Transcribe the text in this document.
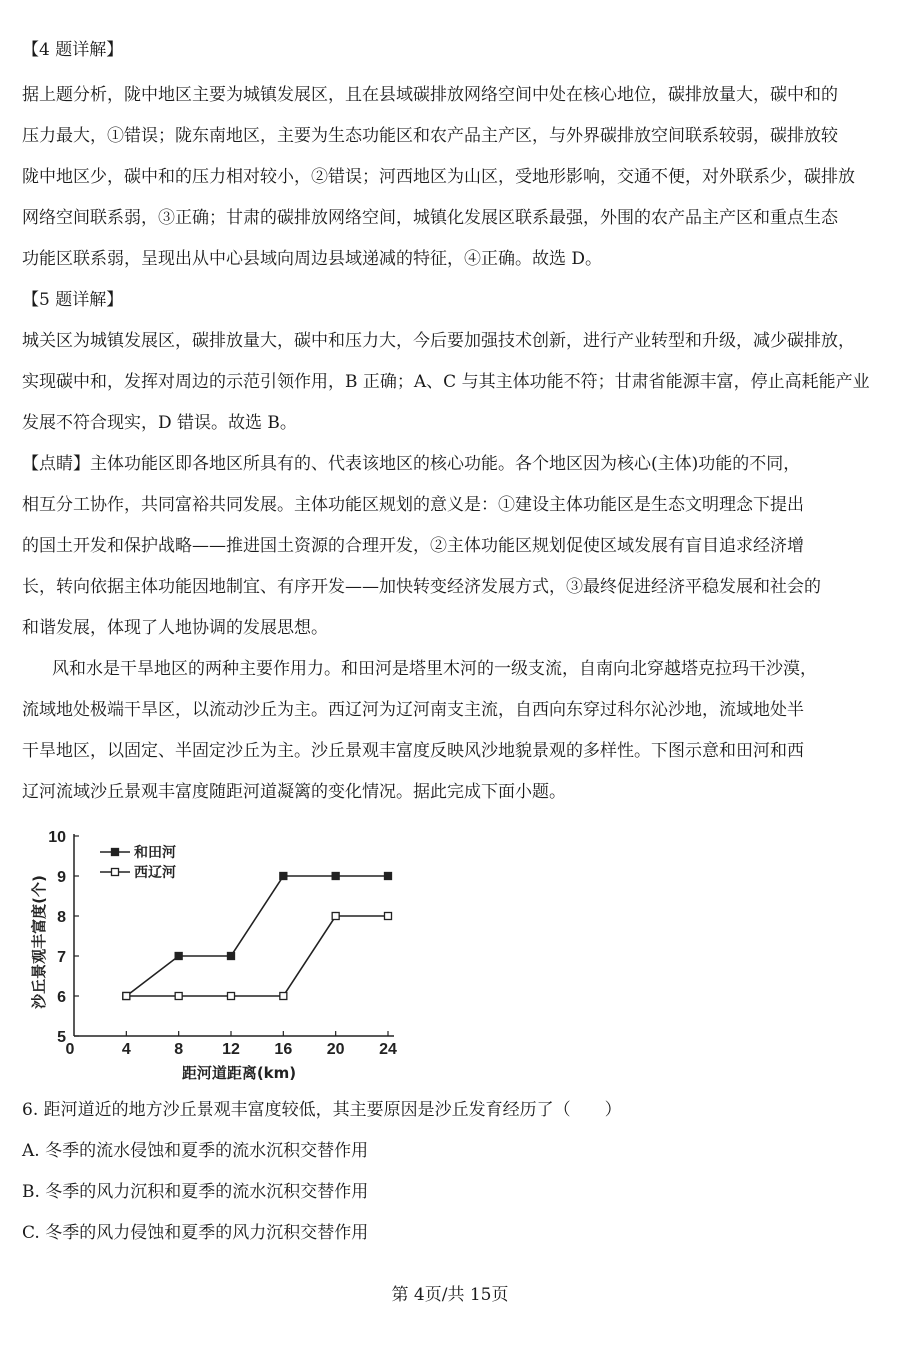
【4 题详解】
据上题分析，陇中地区主要为城镇发展区，且在县域碳排放网络空间中处在核心地位，碳排放量大，碳中和的
压力最大，①错误；陇东南地区，主要为生态功能区和农产品主产区，与外界碳排放空间联系较弱，碳排放较
陇中地区少，碳中和的压力相对较小，②错误；河西地区为山区，受地形影响，交通不便，对外联系少，碳排放
网络空间联系弱，③正确；甘肃的碳排放网络空间，城镇化发展区联系最强，外围的农产品主产区和重点生态
功能区联系弱，呈现出从中心县域向周边县域递减的特征，④正确。故选 D。
【5 题详解】
城关区为城镇发展区，碳排放量大，碳中和压力大，今后要加强技术创新，进行产业转型和升级，减少碳排放，
实现碳中和，发挥对周边的示范引领作用，B 正确；A、C 与其主体功能不符；甘肃省能源丰富，停止高耗能产业
发展不符合现实，D 错误。故选 B。
【点睛】主体功能区即各地区所具有的、代表该地区的核心功能。各个地区因为核心(主体)功能的不同，
相互分工协作，共同富裕共同发展。主体功能区规划的意义是：①建设主体功能区是生态文明理念下提出
的国土开发和保护战略——推进国土资源的合理开发，②主体功能区规划促使区域发展有盲目追求经济增
长，转向依据主体功能因地制宜、有序开发——加快转变经济发展方式，③最终促进经济平稳发展和社会的
和谐发展，体现了人地协调的发展思想。
风和水是干旱地区的两种主要作用力。和田河是塔里木河的一级支流，自南向北穿越塔克拉玛干沙漠，
流域地处极端干旱区，以流动沙丘为主。西辽河为辽河南支主流，自西向东穿过科尔沁沙地，流域地处半
干旱地区，以固定、半固定沙丘为主。沙丘景观丰富度反映风沙地貌景观的多样性。下图示意和田河和西
辽河流域沙丘景观丰富度随距河道凝篱的变化情况。据此完成下面小题。
5
6
7
8
9
10
0	4	8 12 16 20 24
距河道距离(km)
沙丘景观丰富度(个)
和田河
西辽河
6. 距河道近的地方沙丘景观丰富度较低，其主要原因是沙丘发育经历了（　　）
A. 冬季的流水侵蚀和夏季的流水沉积交替作用
B. 冬季的风力沉积和夏季的流水沉积交替作用
C. 冬季的风力侵蚀和夏季的风力沉积交替作用
第 4页/共 15页
